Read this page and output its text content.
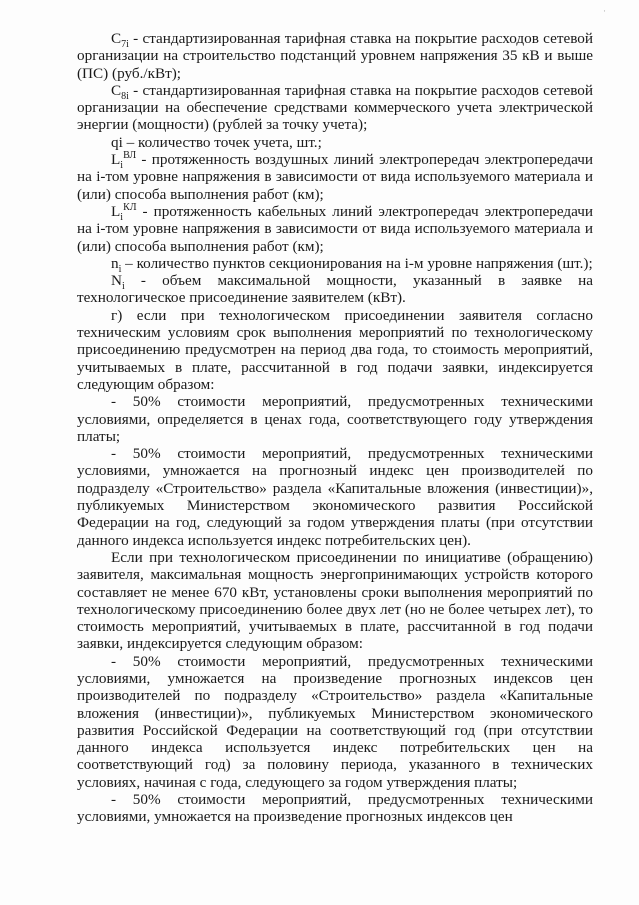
·

$C_{7i}$ - стандартизированная тарифная ставка на покрытие расходов сетевой организации на строительство подстанций уровнем напряжения 35 кВ и выше (ПС) (руб./кВт);

$C_{8i}$ - стандартизированная тарифная ставка на покрытие расходов сетевой организации на обеспечение средствами коммерческого учета электрической энергии (мощности) (рублей за точку учета);

qi – количество точек учета, шт.;

$L_i^{ВЛ}$ - протяженность воздушных линий электропередач электропередачи на i-том уровне напряжения в зависимости от вида используемого материала и (или) способа выполнения работ (км);

$L_i^{КЛ}$ - протяженность кабельных линий электропередач электропередачи на i-том уровне напряжения в зависимости от вида используемого материала и (или) способа выполнения работ (км);

$n_i$ – количество пунктов секционирования на i-м уровне напряжения (шт.);

$N_i$ - объем максимальной мощности, указанный в заявке на технологическое присоединение заявителем (кВт).

г) если при технологическом присоединении заявителя согласно техническим условиям срок выполнения мероприятий по технологическому присоединению предусмотрен на период два года, то стоимость мероприятий, учитываемых в плате, рассчитанной в год подачи заявки, индексируется следующим образом:

- 50% стоимости мероприятий, предусмотренных техническими условиями, определяется в ценах года, соответствующего году утверждения платы;

- 50% стоимости мероприятий, предусмотренных техническими условиями, умножается на прогнозный индекс цен производителей по подразделу «Строительство» раздела «Капитальные вложения (инвестиции)», публикуемых Министерством экономического развития Российской Федерации на год, следующий за годом утверждения платы (при отсутствии данного индекса используется индекс потребительских цен).

Если при технологическом присоединении по инициативе (обращению) заявителя, максимальная мощность энергопринимающих устройств которого составляет не менее 670 кВт, установлены сроки выполнения мероприятий по технологическому присоединению более двух лет (но не более четырех лет), то стоимость мероприятий, учитываемых в плате, рассчитанной в год подачи заявки, индексируется следующим образом:

- 50% стоимости мероприятий, предусмотренных техническими условиями, умножается на произведение прогнозных индексов цен производителей по подразделу «Строительство» раздела «Капитальные вложения (инвестиции)», публикуемых Министерством экономического развития Российской Федерации на соответствующий год (при отсутствии данного индекса используется индекс потребительских цен на соответствующий год) за половину периода, указанного в технических условиях, начиная с года, следующего за годом утверждения платы;

- 50% стоимости мероприятий, предусмотренных техническими условиями, умножается на произведение прогнозных индексов цен
